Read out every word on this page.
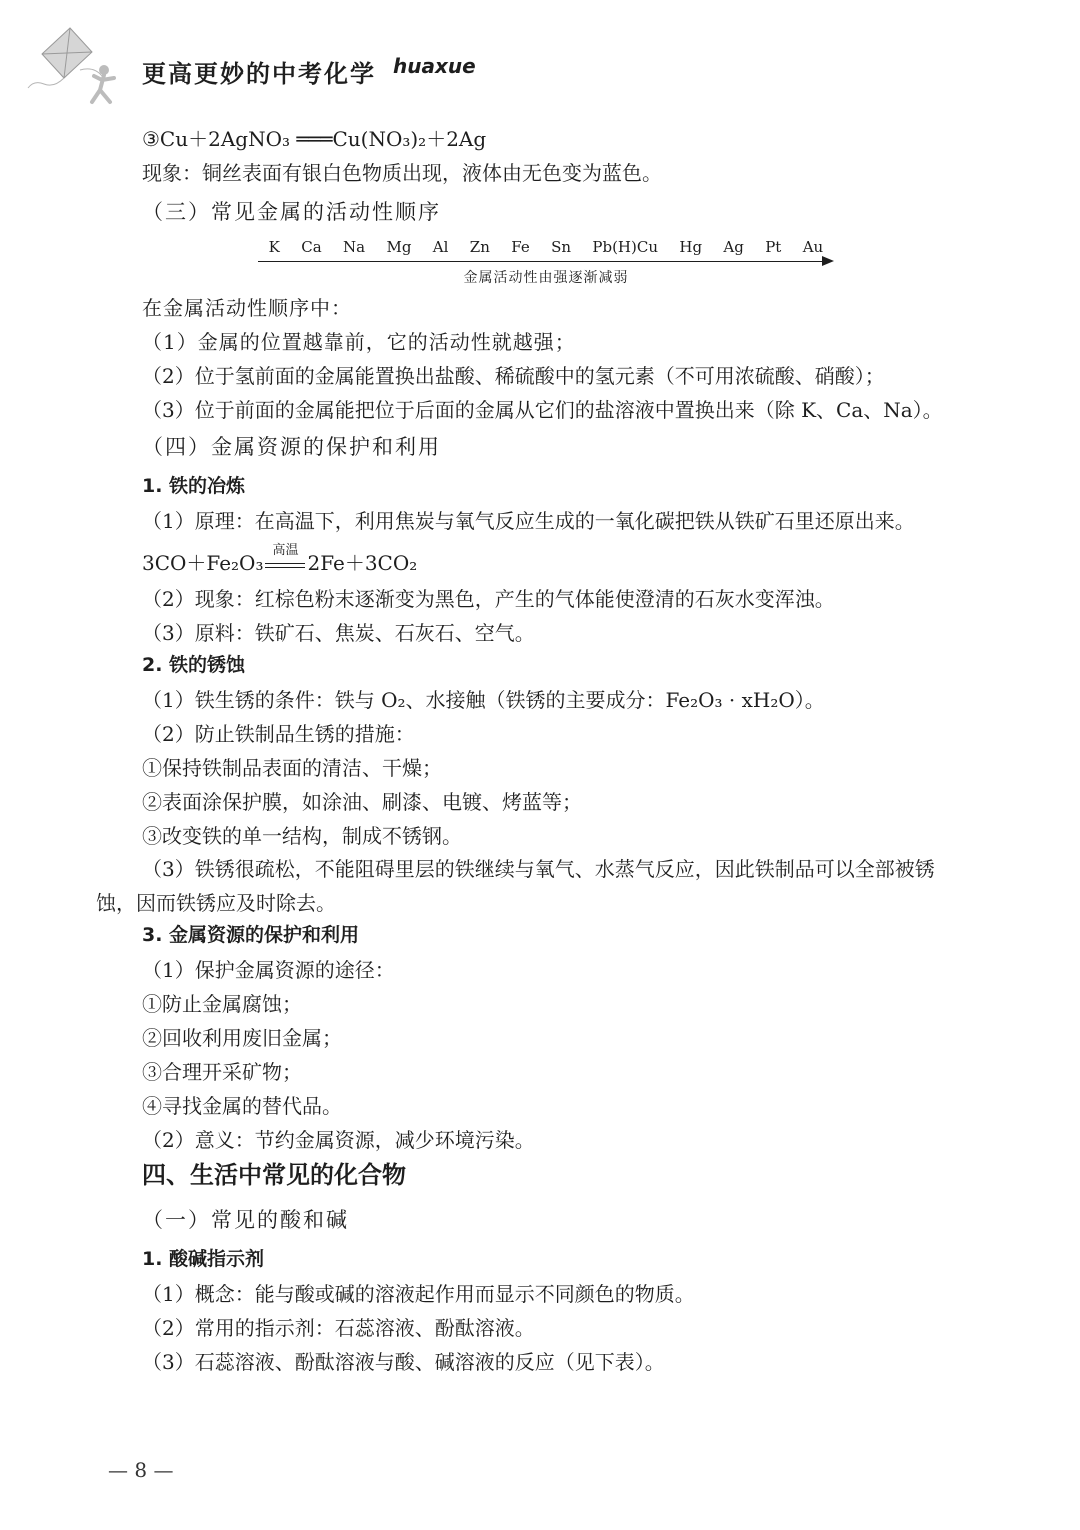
更高更妙的中考化学 huaxue
③Cu＋2AgNO₃ ═══Cu(NO₃)₂＋2Ag
现象：铜丝表面有银白色物质出现，液体由无色变为蓝色。
（三）常见金属的活动性顺序
K Ca Na Mg Al Zn Fe Sn Pb(H)Cu Hg Ag Pt Au
金属活动性由强逐渐减弱
在金属活动性顺序中：
（1）金属的位置越靠前，它的活动性就越强；
（2）位于氢前面的金属能置换出盐酸、稀硫酸中的氢元素（不可用浓硫酸、硝酸）；
（3）位于前面的金属能把位于后面的金属从它们的盐溶液中置换出来（除 K、Ca、Na）。
（四）金属资源的保护和利用
1. 铁的冶炼
（1）原理：在高温下，利用焦炭与氧气反应生成的一氧化碳把铁从铁矿石里还原出来。
3CO＋Fe₂O₃
高温
2Fe＋3CO₂
（2）现象：红棕色粉末逐渐变为黑色，产生的气体能使澄清的石灰水变浑浊。
（3）原料：铁矿石、焦炭、石灰石、空气。
2. 铁的锈蚀
（1）铁生锈的条件：铁与 O₂、水接触（铁锈的主要成分：Fe₂O₃ · xH₂O）。
（2）防止铁制品生锈的措施：
①保持铁制品表面的清洁、干燥；
②表面涂保护膜，如涂油、刷漆、电镀、烤蓝等；
③改变铁的单一结构，制成不锈钢。
（3）铁锈很疏松，不能阻碍里层的铁继续与氧气、水蒸气反应，因此铁制品可以全部被锈
蚀，因而铁锈应及时除去。
3. 金属资源的保护和利用
（1）保护金属资源的途径：
①防止金属腐蚀；
②回收利用废旧金属；
③合理开采矿物；
④寻找金属的替代品。
（2）意义：节约金属资源，减少环境污染。
四、生活中常见的化合物
（一）常见的酸和碱
1. 酸碱指示剂
（1）概念：能与酸或碱的溶液起作用而显示不同颜色的物质。
（2）常用的指示剂：石蕊溶液、酚酞溶液。
（3）石蕊溶液、酚酞溶液与酸、碱溶液的反应（见下表）。
— 8 —
